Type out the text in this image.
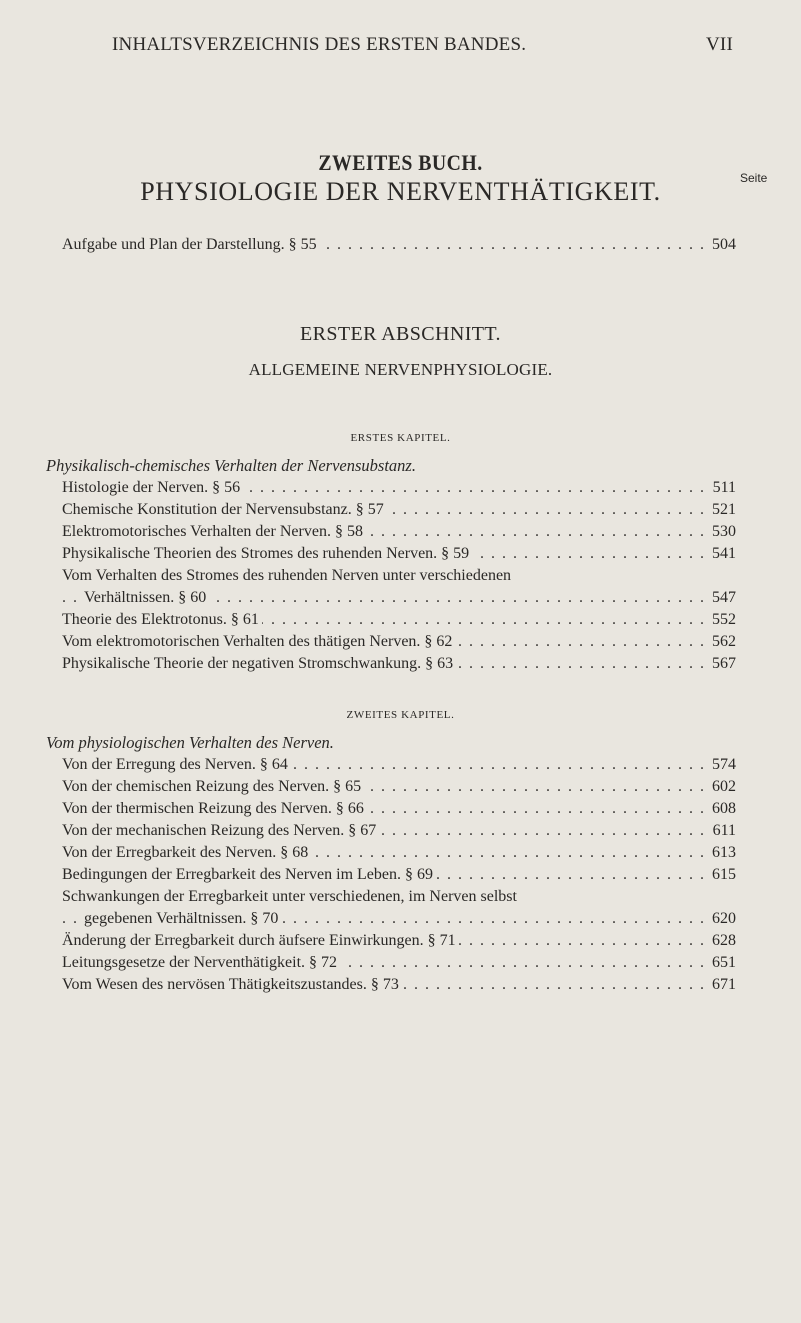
INHALTSVERZEICHNIS DES ERSTEN BANDES.	VII
ZWEITES BUCH.
Seite
PHYSIOLOGIE DER NERVENTHÄTIGKEIT.
. . .
Aufgabe und Plan der Darstellung. § 55	504
ERSTER ABSCHNITT.
ALLGEMEINE NERVENPHYSIOLOGIE.
ERSTES KAPITEL.
Physikalisch-chemisches Verhalten der Nervensubstanz.
. . .
Histologie der Nerven. § 56	511
. . .
Chemische Konstitution der Nervensubstanz. § 57	521
. . .
Elektromotorisches Verhalten der Nerven. § 58	530
. . .
Physikalische Theorien des Stromes des ruhenden Nerven. § 59	541
Vom Verhalten des Stromes des ruhenden Nerven unter verschiedenen
. . .
Verhältnissen. § 60	547
. . .
Theorie des Elektrotonus. § 61	552
. . .
Vom elektromotorischen Verhalten des thätigen Nerven. § 62	562
. . .
Physikalische Theorie der negativen Stromschwankung. § 63	567
ZWEITES KAPITEL.
Vom physiologischen Verhalten des Nerven.
. . .
Von der Erregung des Nerven. § 64	574
. . .
Von der chemischen Reizung des Nerven. § 65	602
. . .
Von der thermischen Reizung des Nerven. § 66	608
. . .
Von der mechanischen Reizung des Nerven. § 67	611
. . .
Von der Erregbarkeit des Nerven. § 68	613
. . .
Bedingungen der Erregbarkeit des Nerven im Leben. § 69	615
Schwankungen der Erregbarkeit unter verschiedenen, im Nerven selbst
. . .
gegebenen Verhältnissen. § 70	620
. . .
Änderung der Erregbarkeit durch äufsere Einwirkungen. § 71	628
. . .
Leitungsgesetze der Nerventhätigkeit. § 72	651
. . .
Vom Wesen des nervösen Thätigkeitszustandes. § 73	671
